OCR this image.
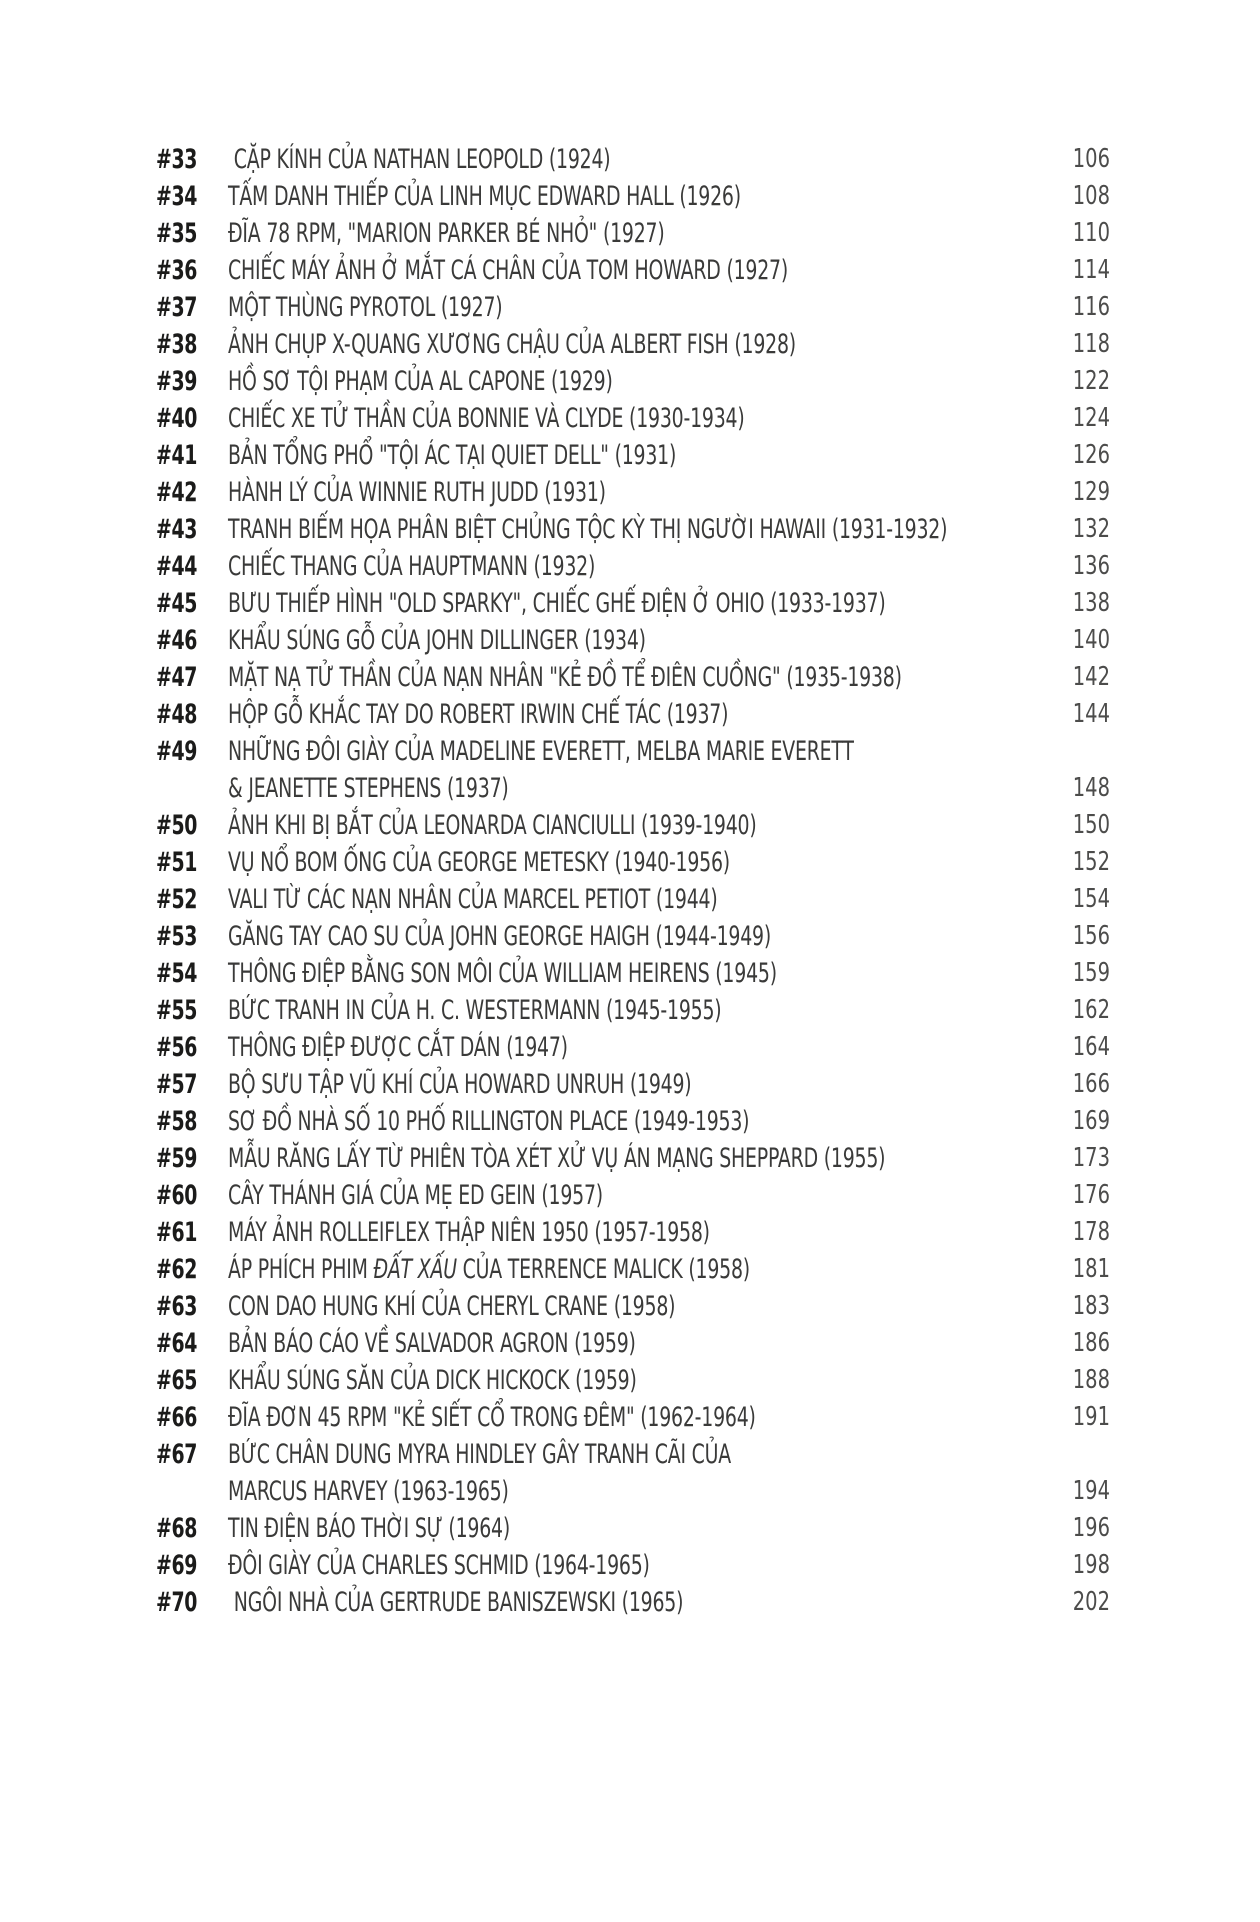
#33	CẶP KÍNH CỦA NATHAN LEOPOLD (1924)	106
#34	TẤM DANH THIẾP CỦA LINH MỤC EDWARD HALL (1926)	108
#35	ĐĨA 78 RPM, "MARION PARKER BÉ NHỎ" (1927)	110
#36	CHIẾC MÁY ẢNH Ở MẮT CÁ CHÂN CỦA TOM HOWARD (1927)	114
#37	MỘT THÙNG PYROTOL (1927)	116
#38	ẢNH CHỤP X-QUANG XƯƠNG CHẬU CỦA ALBERT FISH (1928)	118
#39	HỒ SƠ TỘI PHẠM CỦA AL CAPONE (1929)	122
#40	CHIẾC XE TỬ THẦN CỦA BONNIE VÀ CLYDE (1930-1934)	124
#41	BẢN TỔNG PHỔ "TỘI ÁC TẠI QUIET DELL" (1931)	126
#42	HÀNH LÝ CỦA WINNIE RUTH JUDD (1931)	129
#43	TRANH BIẾM HỌA PHÂN BIỆT CHỦNG TỘC KỲ THỊ NGƯỜI HAWAII (1931-1932)	132
#44	CHIẾC THANG CỦA HAUPTMANN (1932)	136
#45	BƯU THIẾP HÌNH "OLD SPARKY", CHIẾC GHẾ ĐIỆN Ở OHIO (1933-1937)	138
#46	KHẨU SÚNG GỖ CỦA JOHN DILLINGER (1934)	140
#47	MẶT NẠ TỬ THẦN CỦA NẠN NHÂN "KẺ ĐỒ TỂ ĐIÊN CUỒNG" (1935-1938)	142
#48	HỘP GỖ KHẮC TAY DO ROBERT IRWIN CHẾ TÁC (1937)	144
#49	NHỮNG ĐÔI GIÀY CỦA MADELINE EVERETT, MELBA MARIE EVERETT
& JEANETTE STEPHENS (1937)	148
#50	ẢNH KHI BỊ BẮT CỦA LEONARDA CIANCIULLI (1939-1940)	150
#51	VỤ NỔ BOM ỐNG CỦA GEORGE METESKY (1940-1956)	152
#52	VALI TỪ CÁC NẠN NHÂN CỦA MARCEL PETIOT (1944)	154
#53	GĂNG TAY CAO SU CỦA JOHN GEORGE HAIGH (1944-1949)	156
#54	THÔNG ĐIỆP BẰNG SON MÔI CỦA WILLIAM HEIRENS (1945)	159
#55	BỨC TRANH IN CỦA H. C. WESTERMANN (1945-1955)	162
#56	THÔNG ĐIỆP ĐƯỢC CẮT DÁN (1947)	164
#57	BỘ SƯU TẬP VŨ KHÍ CỦA HOWARD UNRUH (1949)	166
#58	SƠ ĐỒ NHÀ SỐ 10 PHỐ RILLINGTON PLACE (1949-1953)	169
#59	MẪU RĂNG LẤY TỪ PHIÊN TÒA XÉT XỬ VỤ ÁN MẠNG SHEPPARD (1955)	173
#60	CÂY THÁNH GIÁ CỦA MẸ ED GEIN (1957)	176
#61	MÁY ẢNH ROLLEIFLEX THẬP NIÊN 1950 (1957-1958)	178
#62	ÁP PHÍCH PHIM ĐẤT XẤU CỦA TERRENCE MALICK (1958)	181
#63	CON DAO HUNG KHÍ CỦA CHERYL CRANE (1958)	183
#64	BẢN BÁO CÁO VỀ SALVADOR AGRON (1959)	186
#65	KHẨU SÚNG SĂN CỦA DICK HICKOCK (1959)	188
#66	ĐĨA ĐƠN 45 RPM "KẺ SIẾT CỔ TRONG ĐÊM" (1962-1964)	191
#67	BỨC CHÂN DUNG MYRA HINDLEY GÂY TRANH CÃI CỦA
MARCUS HARVEY (1963-1965)	194
#68	TIN ĐIỆN BÁO THỜI SỰ (1964)	196
#69	ĐÔI GIÀY CỦA CHARLES SCHMID (1964-1965)	198
#70	NGÔI NHÀ CỦA GERTRUDE BANISZEWSKI (1965)	202
